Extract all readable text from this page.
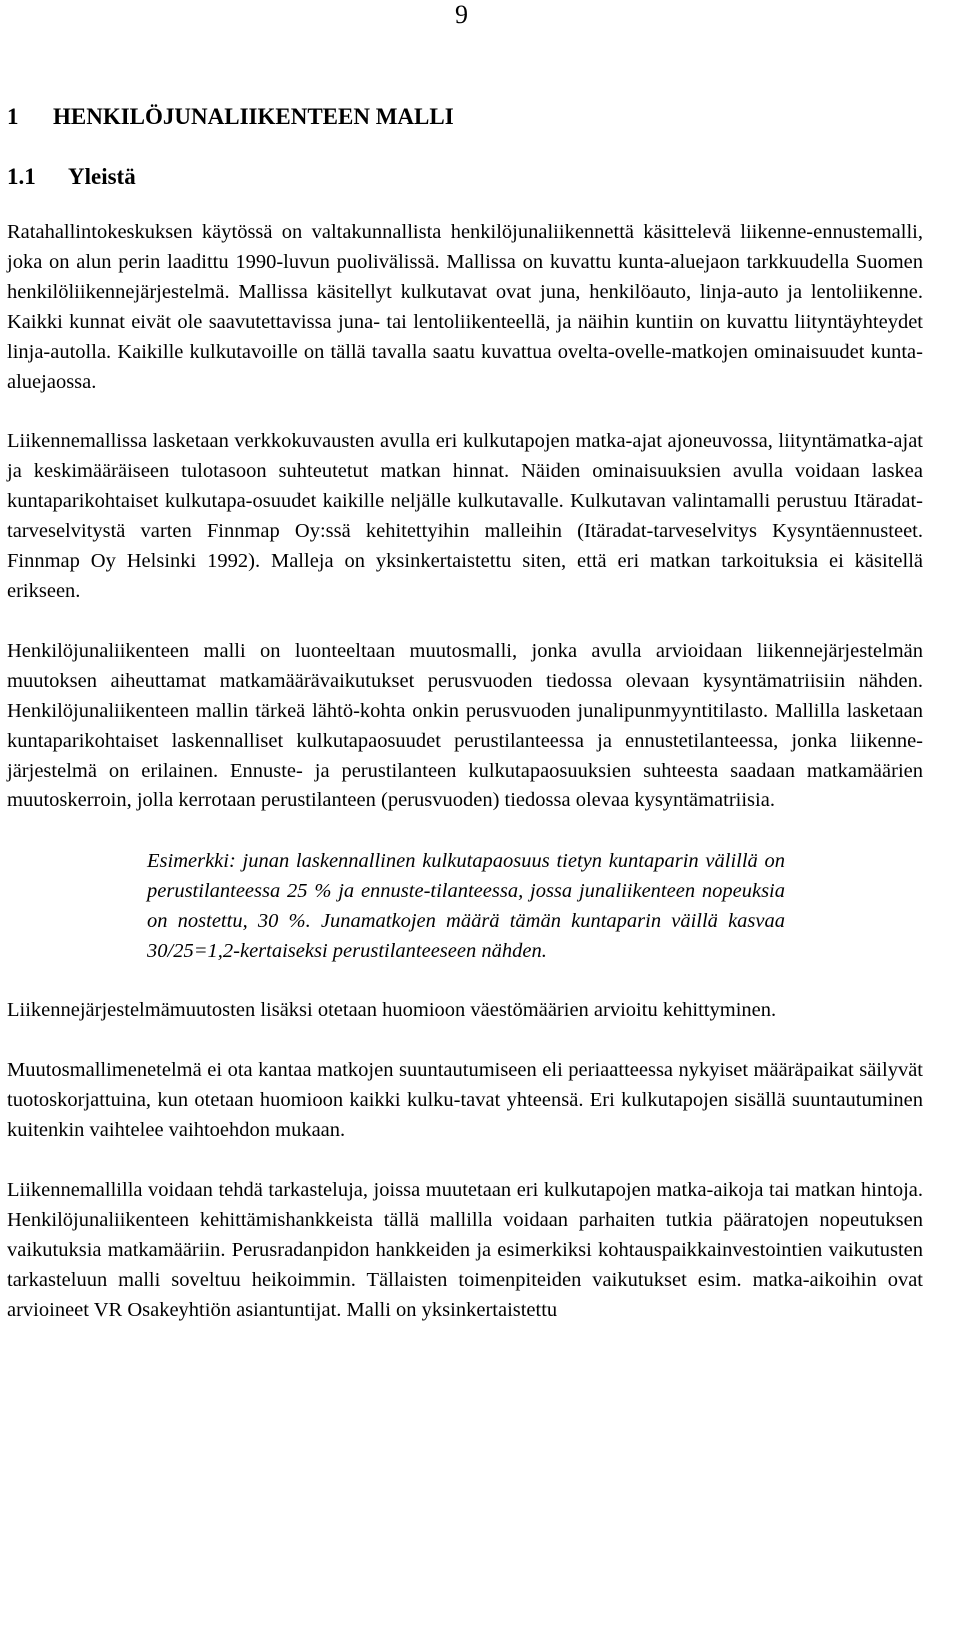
9
1 HENKILÖJUNALIIKENTEEN MALLI
1.1 Yleistä

Ratahallintokeskuksen käytössä on valtakunnallista henkilöjunaliikennettä käsittelevä liikenne-ennustemalli, joka on alun perin laadittu 1990-luvun puolivälissä. Mallissa on kuvattu kunta-aluejaon tarkkuudella Suomen henkilöliikennejärjestelmä. Mallissa käsitellyt kulkutavat ovat juna, henkilöauto, linja-auto ja lentoliikenne. Kaikki kunnat eivät ole saavutettavissa juna- tai lentoliikenteellä, ja näihin kuntiin on kuvattu liityntäyhteydet linja-autolla. Kaikille kulkutavoille on tällä tavalla saatu kuvattua ovelta-ovelle-matkojen ominaisuudet kunta-aluejaossa.

Liikennemallissa lasketaan verkkokuvausten avulla eri kulkutapojen matka-ajat ajoneuvossa, liityntämatka-ajat ja keskimääräiseen tulotasoon suhteutetut matkan hinnat. Näiden ominaisuuksien avulla voidaan laskea kuntaparikohtaiset kulkutapa-osuudet kaikille neljälle kulkutavalle. Kulkutavan valintamalli perustuu Itäradat-tarveselvitystä varten Finnmap Oy:ssä kehitettyihin malleihin (Itäradat-tarveselvitys Kysyntäennusteet. Finnmap Oy Helsinki 1992). Malleja on yksinkertaistettu siten, että eri matkan tarkoituksia ei käsitellä erikseen.

Henkilöjunaliikenteen malli on luonteeltaan muutosmalli, jonka avulla arvioidaan liikennejärjestelmän muutoksen aiheuttamat matkamäärävaikutukset perusvuoden tiedossa olevaan kysyntämatriisiin nähden. Henkilöjunaliikenteen mallin tärkeä lähtö-kohta onkin perusvuoden junalipunmyyntitilasto. Mallilla lasketaan kuntaparikohtaiset laskennalliset kulkutapaosuudet perustilanteessa ja ennustetilanteessa, jonka liikenne-järjestelmä on erilainen. Ennuste- ja perustilanteen kulkutapaosuuksien suhteesta saadaan matkamäärien muutoskerroin, jolla kerrotaan perustilanteen (perusvuoden) tiedossa olevaa kysyntämatriisia.

Esimerkki: junan laskennallinen kulkutapaosuus tietyn kuntaparin välillä on perustilanteessa 25 % ja ennuste-tilanteessa, jossa junaliikenteen nopeuksia on nostettu, 30 %. Junamatkojen määrä tämän kuntaparin väillä kasvaa 30/25=1,2-kertaiseksi perustilanteeseen nähden.

Liikennejärjestelmämuutosten lisäksi otetaan huomioon väestömäärien arvioitu kehittyminen.

Muutosmallimenetelmä ei ota kantaa matkojen suuntautumiseen eli periaatteessa nykyiset määräpaikat säilyvät tuotoskorjattuina, kun otetaan huomioon kaikki kulku-tavat yhteensä. Eri kulkutapojen sisällä suuntautuminen kuitenkin vaihtelee vaihtoehdon mukaan.

Liikennemallilla voidaan tehdä tarkasteluja, joissa muutetaan eri kulkutapojen matka-aikoja tai matkan hintoja. Henkilöjunaliikenteen kehittämishankkeista tällä mallilla voidaan parhaiten tutkia pääratojen nopeutuksen vaikutuksia matkamääriin. Perusradanpidon hankkeiden ja esimerkiksi kohtauspaikkainvestointien vaikutusten tarkasteluun malli soveltuu heikoimmin. Tällaisten toimenpiteiden vaikutukset esim. matka-aikoihin ovat arvioineet VR Osakeyhtiön asiantuntijat. Malli on yksinkertaistettu
